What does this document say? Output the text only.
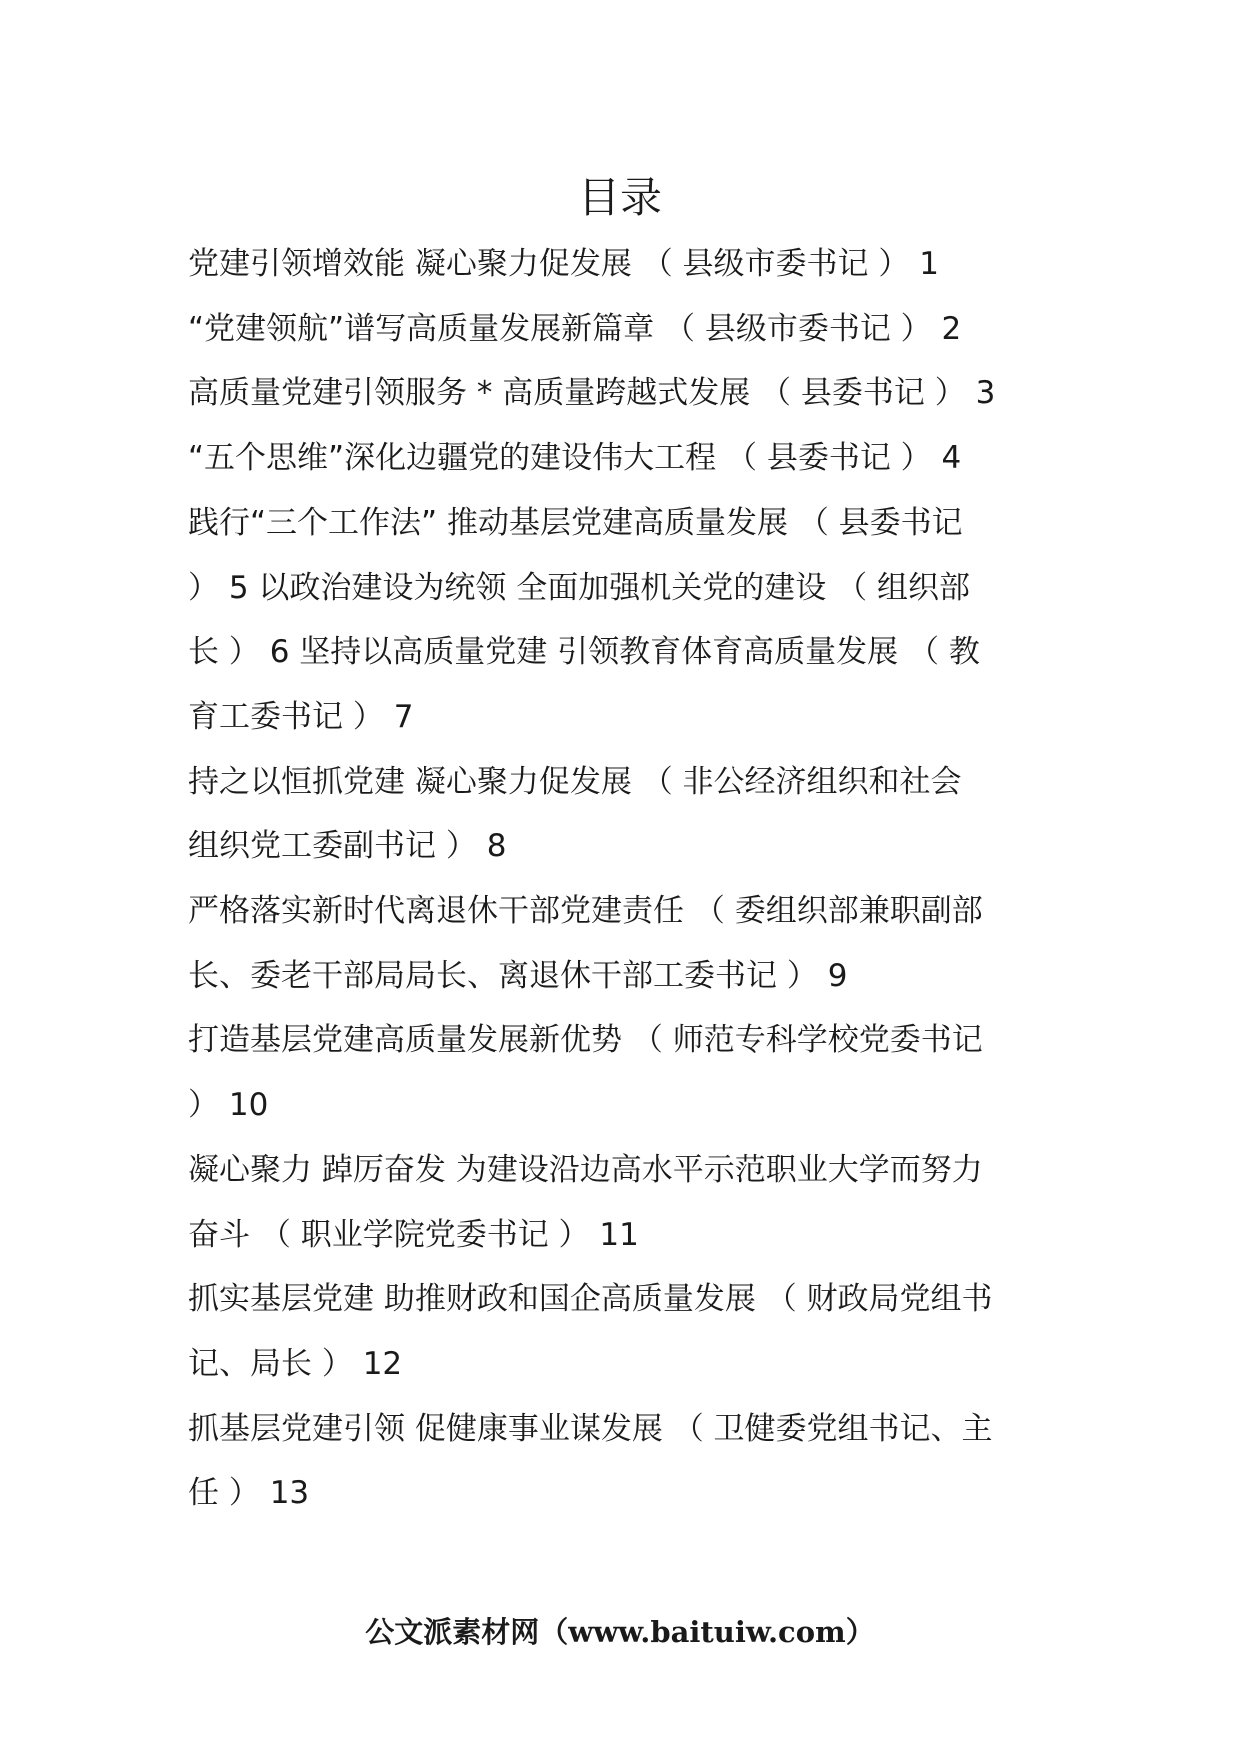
目录

党建引领增效能 凝心聚力促发展 （ 县级市委书记 ） 1

“党建领航”谱写高质量发展新篇章 （ 县级市委书记 ） 2

高质量党建引领服务 * 高质量跨越式发展 （ 县委书记 ） 3

“五个思维”深化边疆党的建设伟大工程 （ 县委书记 ） 4

践行“三个工作法” 推动基层党建高质量发展 （ 县委书记

） 5 以政治建设为统领 全面加强机关党的建设 （ 组织部

长 ） 6 坚持以高质量党建 引领教育体育高质量发展 （ 教

育工委书记 ） 7

持之以恒抓党建 凝心聚力促发展 （ 非公经济组织和社会

组织党工委副书记 ） 8

严格落实新时代离退休干部党建责任 （ 委组织部兼职副部

长、委老干部局局长、离退休干部工委书记 ） 9

打造基层党建高质量发展新优势 （ 师范专科学校党委书记

） 10

凝心聚力 踔厉奋发 为建设沿边高水平示范职业大学而努力

奋斗 （ 职业学院党委书记 ） 11

抓实基层党建 助推财政和国企高质量发展 （ 财政局党组书

记、局长 ） 12

抓基层党建引领 促健康事业谋发展 （ 卫健委党组书记、主

任 ） 13

公文派素材网（www.baituiw.com）
